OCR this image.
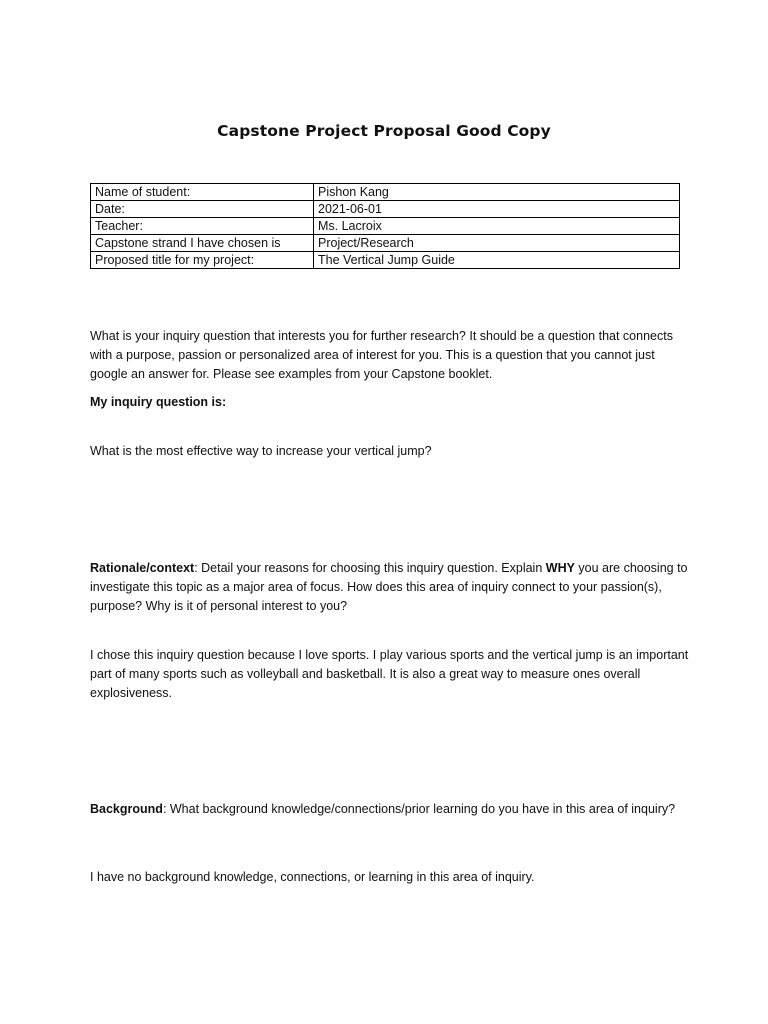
Capstone Project Proposal Good Copy
Name of student:	Pishon Kang
Date:	2021-06-01
Teacher:	Ms. Lacroix
Capstone strand I have chosen is	Project/Research
Proposed title for my project:	The Vertical Jump Guide

What is your inquiry question that interests you for further research? It should be a question that connects with a purpose, passion or personalized area of interest for you. This is a question that you cannot just google an answer for. Please see examples from your Capstone booklet.

My inquiry question is:

What is the most effective way to increase your vertical jump?

Rationale/context: Detail your reasons for choosing this inquiry question. Explain WHY you are choosing to investigate this topic as a major area of focus. How does this area of inquiry connect to your passion(s), purpose? Why is it of personal interest to you?

I chose this inquiry question because I love sports. I play various sports and the vertical jump is an important part of many sports such as volleyball and basketball. It is also a great way to measure ones overall explosiveness.

Background: What background knowledge/connections/prior learning do you have in this area of inquiry?

I have no background knowledge, connections, or learning in this area of inquiry.
